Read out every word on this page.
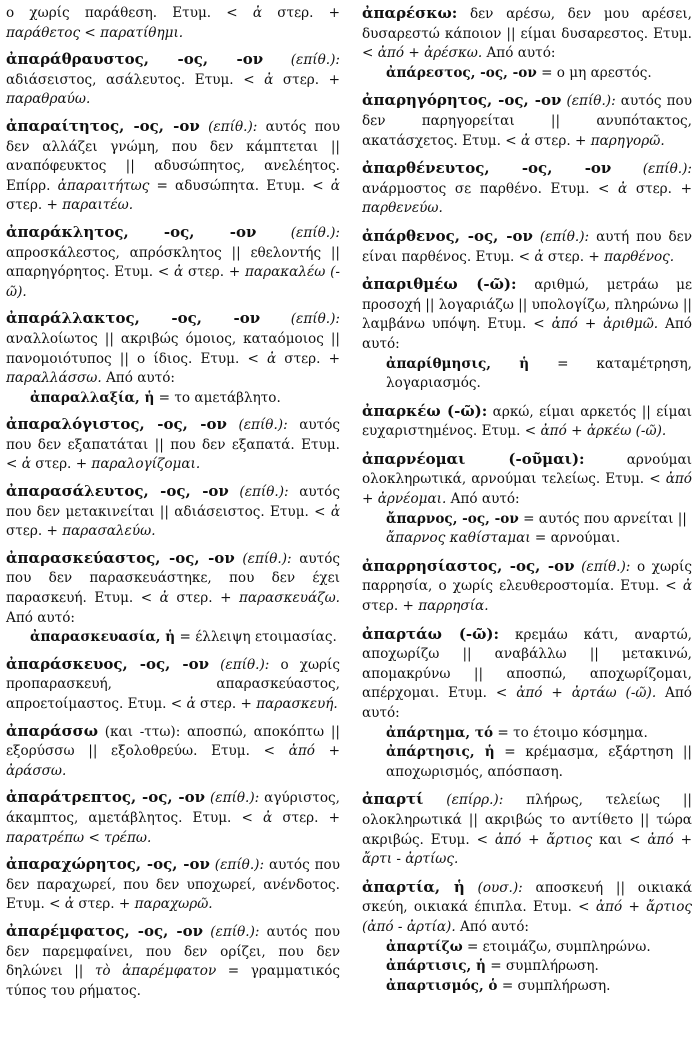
ο χωρίς παράθεση. Ετυμ. < ἀ στερ. + παράθετος < παρατίθημι.
ἀπαράθραυστος, -ος, -ον (επίθ.): αδιάσειστος, ασάλευτος. Ετυμ. < ἀ στερ. + παραθραύω.
ἀπαραίτητος, -ος, -ον (επίθ.): αυτός που δεν αλλάζει γνώμη, που δεν κάμπτεται || αναπόφευκτος || αδυσώπητος, ανελέητος. Επίρρ. ἀπαραιτήτως = αδυσώπητα. Ετυμ. < ἀ στερ. + παραιτέω.
ἀπαράκλητος, -ος, -ον	(επίθ.): απροσκάλεστος, απρόσκλητος || εθελοντής || απαρηγόρητος. Ετυμ. < ἀ στερ. + παρακαλέω (-ῶ).
ἀπαράλλακτος, -ος, -ον (επίθ.): αναλλοίωτος || ακριβώς όμοιος, καταόμοιος || πανομοιότυπος || ο ίδιος. Ετυμ. < ἀ στερ. + παραλλάσσω. Από αυτό:
ἀπαραλλαξία, ἡ = το αμετάβλητο.
ἀπαραλόγιστος, -ος, -ον (επίθ.): αυτός που δεν εξαπατάται || που δεν εξαπατά. Ετυμ. < ἀ στερ. + παραλογίζομαι.
ἀπαρασάλευτος, -ος, -ον (επίθ.): αυτός που δεν μετακινείται || αδιάσειστος. Ετυμ. < ἀ στερ. + παρασαλεύω.
ἀπαρασκεύαστος, -ος, -ον (επίθ.): αυτός που δεν παρασκευάστηκε, που δεν έχει παρασκευή. Ετυμ. < ἀ στερ. + παρασκευάζω. Από αυτό:
ἀπαρασκευασία, ἡ = έλλειψη ετοιμασίας.
ἀπαράσκευος, -ος, -ον (επίθ.): ο χωρίς προπαρασκευή, απαρασκεύαστος, απροετοίμαστος. Ετυμ. < ἀ στερ. + παρασκευή.
ἀπαράσσω (και -ττω): αποσπώ, αποκόπτω || εξορύσσω || εξολοθρεύω. Ετυμ. < ἀπό + ἀράσσω.
ἀπαράτρεπτος, -ος, -ον (επίθ.): αγύριστος, άκαμπτος, αμετάβλητος. Ετυμ. < ἀ στερ. + παρατρέπω < τρέπω.
ἀπαραχώρητος, -ος, -ον (επίθ.): αυτός που δεν παραχωρεί, που δεν υποχωρεί, ανένδοτος. Ετυμ. < ἀ στερ. + παραχωρῶ.
ἀπαρέμφατος, -ος, -ον (επίθ.): αυτός που δεν παρεμφαίνει, που δεν ορίζει, που δεν δηλώνει || τὸ ἀπαρέμφατον = γραμματικός τύπος του ρήματος.
ἀπαρέσκω: δεν αρέσω, δεν μου αρέσει, δυσαρεστώ κάποιον || είμαι δυσαρεστος. Ετυμ. < ἀπό + ἀρέσκω. Από αυτό:
ἀπάρεστος, -ος, -ον = ο μη αρεστός.
ἀπαρηγόρητος, -ος, -ον (επίθ.): αυτός που δεν παρηγορείται || ανυπότακτος, ακατάσχετος. Ετυμ. < ἀ στερ. + παρηγορῶ.
ἀπαρθένευτος, -ος, -ον (επίθ.): ανάρμοστος σε παρθένο. Ετυμ. < ἀ στερ. + παρθενεύω.
ἀπάρθενος, -ος, -ον (επίθ.): αυτή που δεν είναι παρθένος. Ετυμ. < ἀ στερ. + παρθένος.
ἀπαριθμέω (-ῶ): αριθμώ, μετράω με προσοχή || λογαριάζω || υπολογίζω, πληρώνω || λαμβάνω υπόψη. Ετυμ. < ἀπό + ἀριθμῶ. Από αυτό:
ἀπαρίθμησις, ἡ = καταμέτρηση, λογαριασμός.
ἀπαρκέω (-ῶ): αρκώ, είμαι αρκετός || είμαι ευχαριστημένος. Ετυμ. < ἀπό + ἀρκέω (-ῶ).
ἀπαρνέομαι (-οῦμαι): αρνούμαι ολοκληρωτικά, αρνούμαι τελείως. Ετυμ. < ἀπό + ἀρνέομαι. Από αυτό:
ἄπαρνος, -ος, -ον = αυτός που αρνείται ||
ἄπαρνος καθίσταμαι = αρνούμαι.
ἀπαρρησίαστος, -ος, -ον (επίθ.): ο χωρίς παρρησία, ο χωρίς ελευθεροστομία. Ετυμ. < ἀ στερ. + παρρησία.
ἀπαρτάω (-ῶ): κρεμάω κάτι, αναρτώ, αποχωρίζω || αναβάλλω || μετακινώ, απομακρύνω || αποσπώ, αποχωρίζομαι, απέρχομαι. Ετυμ. < ἀπό + ἀρτάω (-ῶ). Από αυτό:
ἀπάρτημα, τό = το έτοιμο κόσμημα.
ἀπάρτησις, ἡ = κρέμασμα, εξάρτηση || αποχωρισμός, απόσπαση.
ἀπαρτί (επίρρ.): πλήρως, τελείως || ολοκληρωτικά || ακριβώς το αντίθετο || τώρα ακριβώς. Ετυμ. < ἀπό + ἄρτιος και < ἀπό + ἄρτι - ἀρτίως.
ἀπαρτία, ἡ (ουσ.): αποσκευή || οικιακά σκεύη, οικιακά έπιπλα. Ετυμ. < ἀπό + ἄρτιος (ἀπό - ἀρτία). Από αυτό:
ἀπαρτίζω = ετοιμάζω, συμπληρώνω.
ἀπάρτισις, ἡ = συμπλήρωση.
ἀπαρτισμός, ὁ = συμπλήρωση.
